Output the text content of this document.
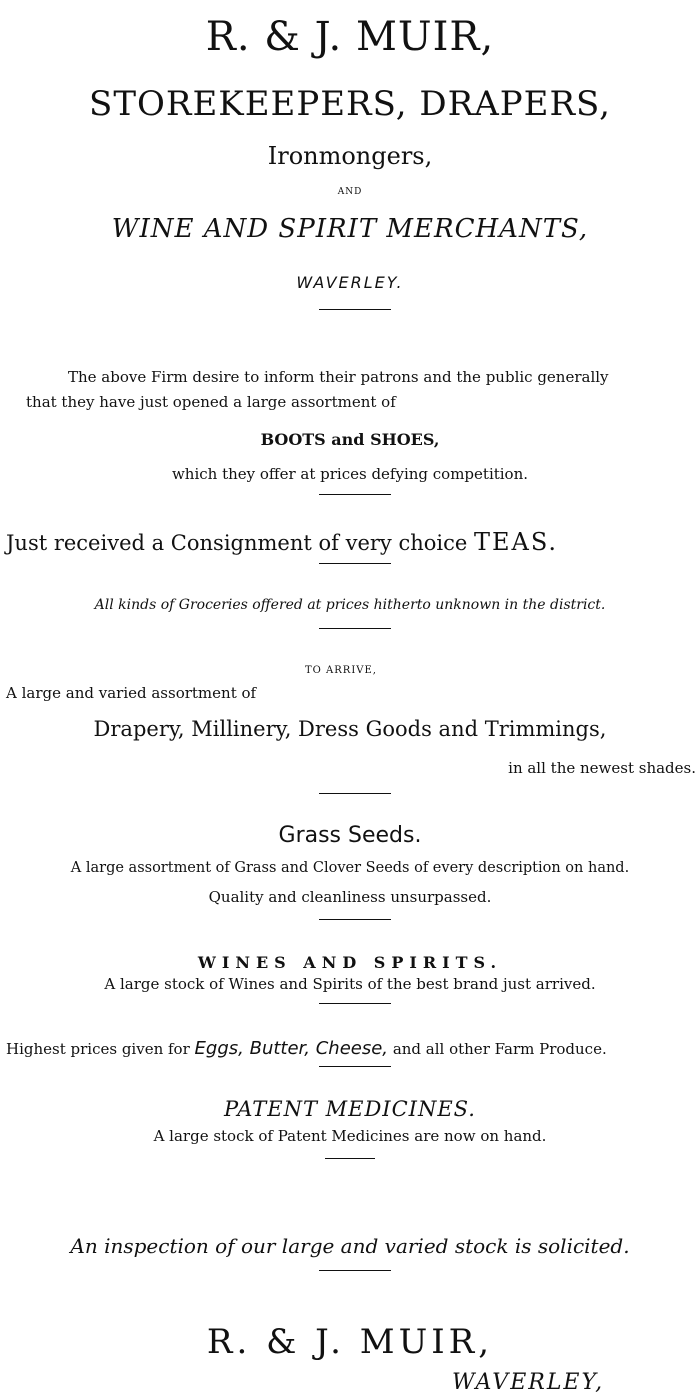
R. & J. MUIR,
STOREKEEPERS, DRAPERS,
Ironmongers,
AND
WINE AND SPIRIT MERCHANTS,
WAVERLEY.
The above Firm desire to inform their patrons and the public generally
that they have just opened a large assortment of
BOOTS and SHOES,
which they offer at prices defying competition.
Just received a Consignment of very choice TEAS.
All kinds of Groceries offered at prices hitherto unknown in the district.
TO ARRIVE,
A large and varied assortment of
Drapery, Millinery, Dress Goods and Trimmings,
in all the newest shades.
Grass Seeds.
A large assortment of Grass and Clover Seeds of every description on hand.
Quality and cleanliness unsurpassed.
WINES AND SPIRITS.
A large stock of Wines and Spirits of the best brand just arrived.
Highest prices given for Eggs, Butter, Cheese, and all other Farm Produce.
PATENT MEDICINES.
A large stock of Patent Medicines are now on hand.
An inspection of our large and varied stock is solicited.
R. & J. MUIR,
WAVERLEY,
